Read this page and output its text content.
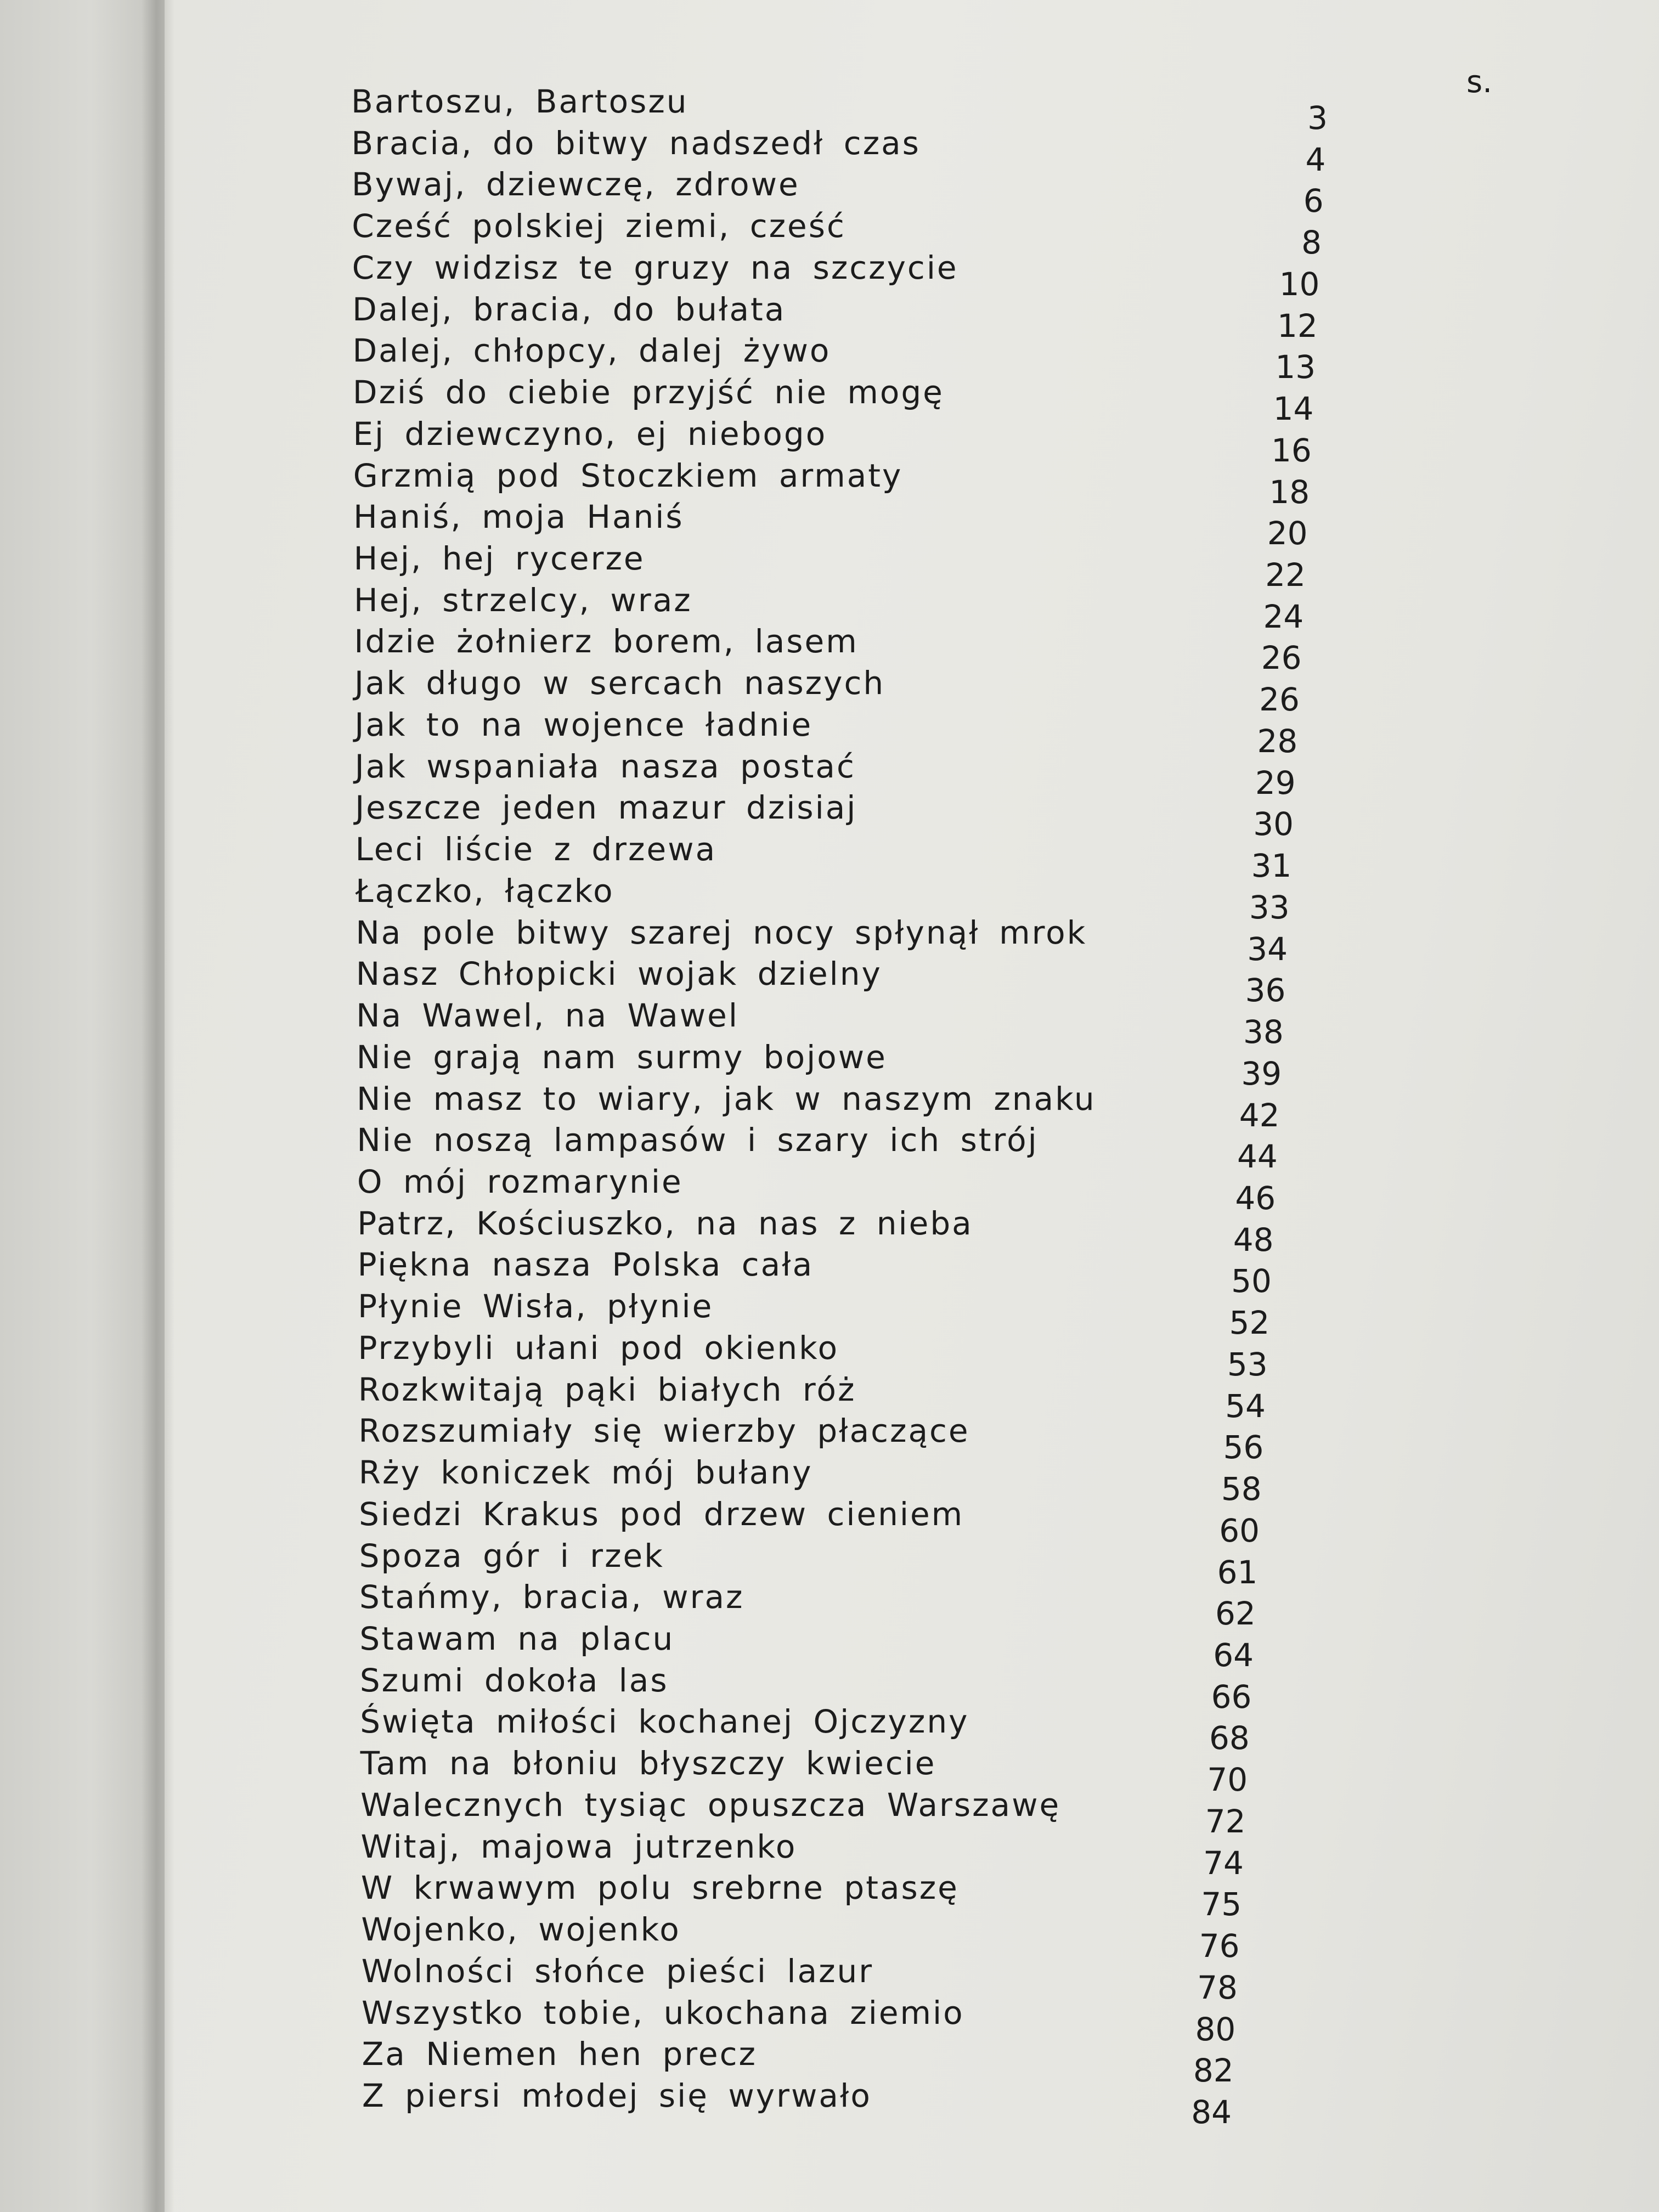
s.
Bartoszu, Bartoszu	3
Bracia, do bitwy nadszedł czas	4
Bywaj, dziewczę, zdrowe	6
Cześć polskiej ziemi, cześć	8
Czy widzisz te gruzy na szczycie	10
Dalej, bracia, do bułata	12
Dalej, chłopcy, dalej żywo	13
Dziś do ciebie przyjść nie mogę	14
Ej dziewczyno, ej niebogo	16
Grzmią pod Stoczkiem armaty	18
Haniś, moja Haniś	20
Hej, hej rycerze	22
Hej, strzelcy, wraz	24
Idzie żołnierz borem, lasem	26
Jak długo w sercach naszych	26
Jak to na wojence ładnie	28
Jak wspaniała nasza postać	29
Jeszcze jeden mazur dzisiaj	30
Leci liście z drzewa	31
Łączko, łączko	33
Na pole bitwy szarej nocy spłynął mrok	34
Nasz Chłopicki wojak dzielny	36
Na Wawel, na Wawel	38
Nie grają nam surmy bojowe	39
Nie masz to wiary, jak w naszym znaku	42
Nie noszą lampasów i szary ich strój	44
O mój rozmarynie	46
Patrz, Kościuszko, na nas z nieba	48
Piękna nasza Polska cała	50
Płynie Wisła, płynie	52
Przybyli ułani pod okienko	53
Rozkwitają pąki białych róż	54
Rozszumiały się wierzby płaczące	56
Rży koniczek mój bułany	58
Siedzi Krakus pod drzew cieniem	60
Spoza gór i rzek	61
Stańmy, bracia, wraz	62
Stawam na placu	64
Szumi dokoła las	66
Święta miłości kochanej Ojczyzny	68
Tam na błoniu błyszczy kwiecie	70
Walecznych tysiąc opuszcza Warszawę	72
Witaj, majowa jutrzenko	74
W krwawym polu srebrne ptaszę	75
Wojenko, wojenko	76
Wolności słońce pieści lazur	78
Wszystko tobie, ukochana ziemio	80
Za Niemen hen precz	82
Z piersi młodej się wyrwało	84
